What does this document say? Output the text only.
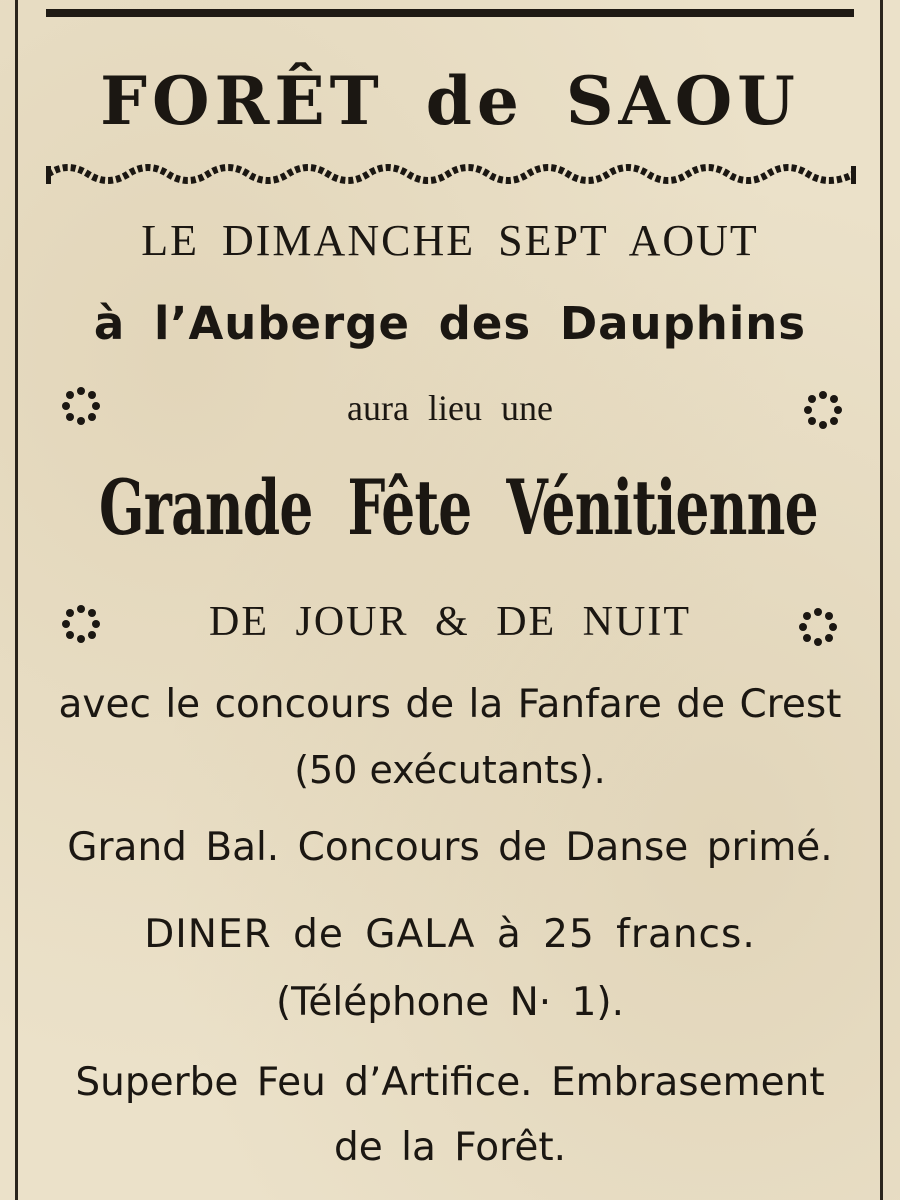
FORÊT de SAOU
LE DIMANCHE SEPT AOUT
à l’Auberge des Dauphins
aura lieu une
Grande Fête Vénitienne
DE JOUR & DE NUIT
avec le concours de la Fanfare de Crest
(50 exécutants).
Grand Bal. Concours de Danse primé.
DINER de GALA à 25 francs.
(Téléphone N· 1).
Superbe Feu d’Artifice. Embrasement
de la Forêt.
